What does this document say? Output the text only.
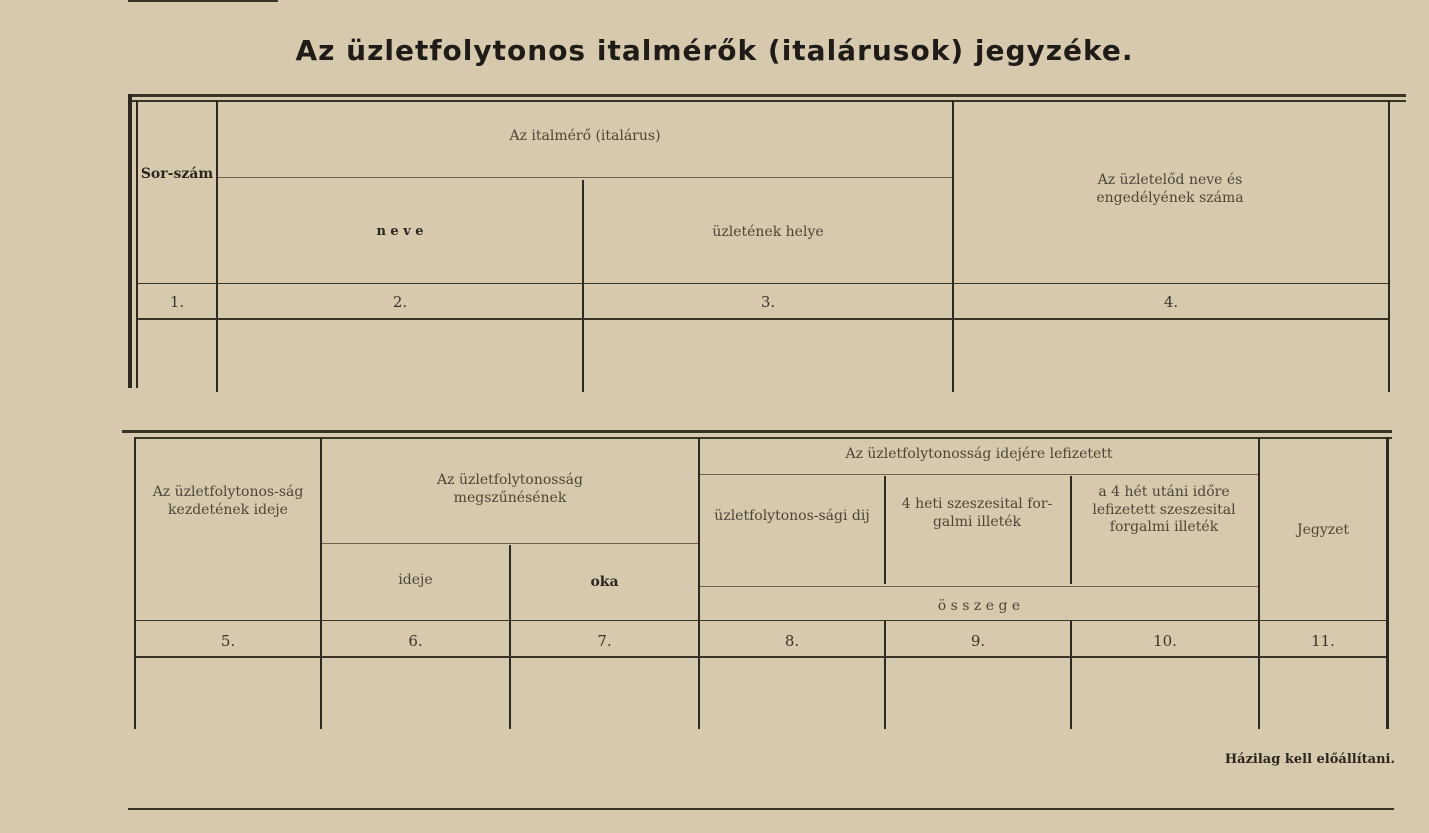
Az üzletfolytonos italmérők (italárusok) jegyzéke.
Sor-szám
Az italmérő (italárus)
n e v e	üzletének helye
Az üzletelőd neve és engedélyének száma
1.	2.	3.	4.
Az üzletfolytonos-ság kezdetének ideje
Az üzletfolytonosság megszűnésének
ideje	oka
Az üzletfolytonosság idejére lefizetett
üzletfolytonos-sági dij
4 heti szeszesital for-galmi illeték
a 4 hét utáni időre lefizetett szeszesital forgalmi illeték	Jegyzet
ö s s z e g e
5.	6.	7.	8.	9.	10.	11.
Házilag kell előállítani.
